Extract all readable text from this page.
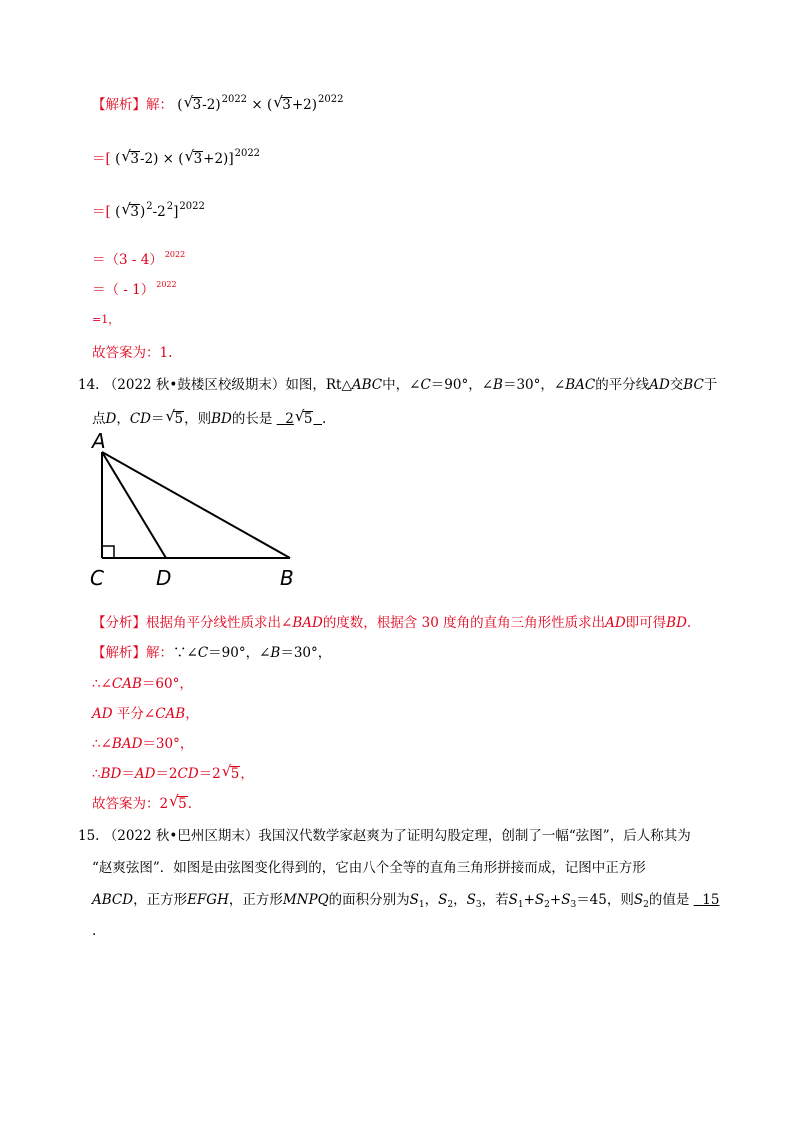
【解析】解： ( √ 3-2)$^{2022}$ × ( √ 3+2)$^{2022}$
＝[ ( √ 3-2) × ( √ 3+2)]$^{2022}$
＝[ ( √ $3)^2-2^2]^{2022}$
＝（3 - 4） $^{2022}$
＝（ - 1） $^{2022}$
=1，
故答案为：1.
14. （2022 秋•鼓楼区校级期末）如图，Rt△ABC中，∠C＝90°，∠B＝30°，∠BAC的平分线AD交BC于
点D，CD＝ √ 5，则BD的长是 2 √ 5 .
A
C	D	B
【分析】根据角平分线性质求出∠BAD的度数，根据含 30 度角的直角三角形性质求出AD即可得BD.
【解析】解：∵∠C＝90°，∠B＝30°，
∴∠CAB＝60°，
AD 平分∠CAB，
∴∠BAD＝30°，
∴BD＝AD＝2CD＝2 √ 5，
故答案为：2 √ 5.
15. （2022 秋•巴州区期末）我国汉代数学家赵爽为了证明勾股定理，创制了一幅“弦图”，后人称其为
“赵爽弦图”．如图是由弦图变化得到的，它由八个全等的直角三角形拼接而成，记图中正方形
ABCD，正方形EFGH，正方形MNPQ的面积分别为$S_1$，$S_2$，$S_3$，若$S_1+S_2+S_3=45$，则$S_2$的值是 15
.
